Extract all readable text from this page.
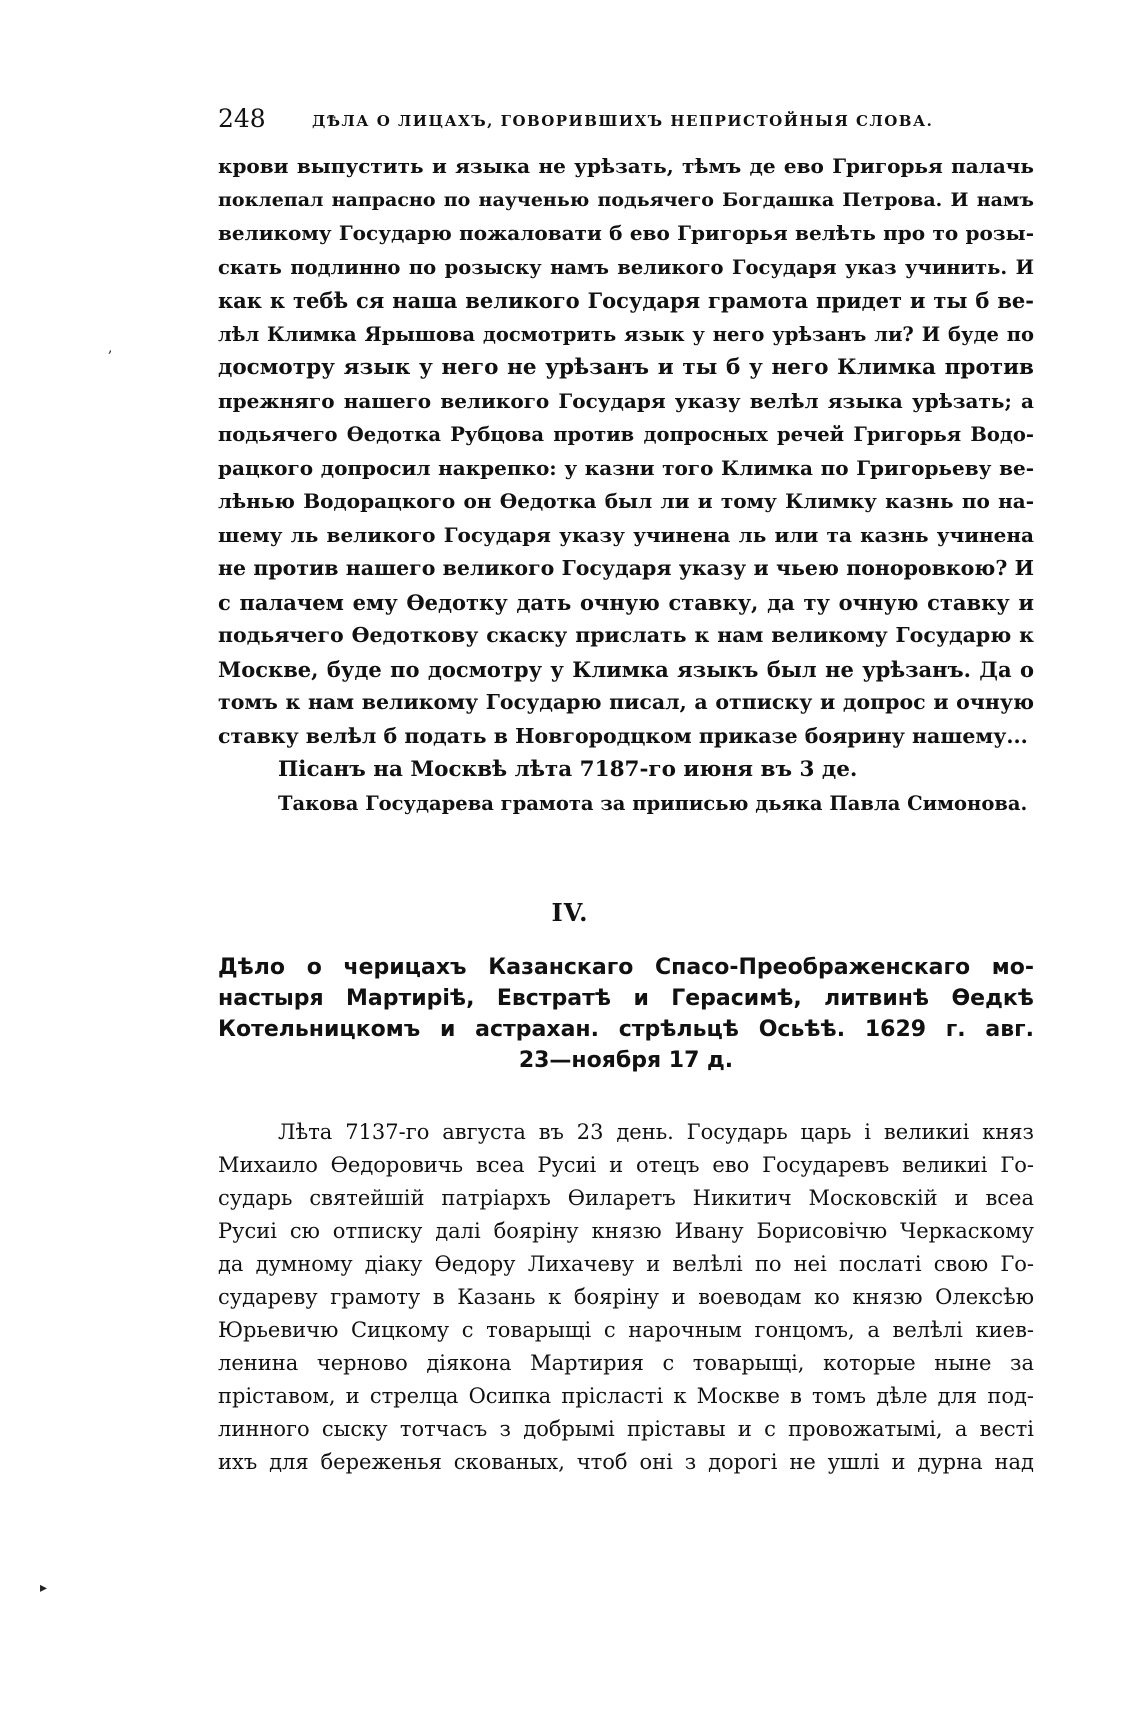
248	ДѢЛА О ЛИЦАХЪ, ГОВОРИВШИХЪ НЕПРИСТОЙНЫЯ СЛОВА.
крови выпустить и языка не урѣзать, тѣмъ де ево Григорья палачь
поклепал напрасно по наученью подьячего Богдашка Петрова. И намъ
великому Государю пожаловати б ево Григорья велѣть про то розы-
скать подлинно по розыску намъ великого Государя указ учинить. И
как к тебѣ ся наша великого Государя грамота придет и ты б ве-
лѣл Климка Ярышова досмотрить язык у него урѣзанъ ли? И буде по
досмотру язык у него не урѣзанъ и ты б у него Климка против
прежняго нашего великого Государя указу велѣл языка урѣзать; а
подьячего Ѳедотка Рубцова против допросных речей Григорья Водо-
рацкого допросил накрепко: у казни того Климка по Григорьеву ве-
лѣнью Водорацкого он Ѳедотка был ли и тому Климку казнь по на-
шему ль великого Государя указу учинена ль или та казнь учинена
не против нашего великого Государя указу и чьею поноровкою? И
с палачем ему Ѳедотку дать очную ставку, да ту очную ставку и
подьячего Ѳедоткову скаску прислать к нам великому Государю к
Москве, буде по досмотру у Климка языкъ был не урѣзанъ. Да о
томъ к нам великому Государю писал, а отписку и допрос и очную
ставку велѣл б подать в Новгородцком приказе боярину нашему...
Пісанъ на Москвѣ лѣта 7187-го июня въ 3 де.
Такова Государева грамота за приписью дьяка Павла Симонова.
IV.
Дѣло о черицахъ Казанскаго Спасо-Преображенскаго мо-
настыря Мартиріѣ, Евстратѣ и Герасимѣ, литвинѣ Ѳедкѣ
Котельницкомъ и астрахан. стрѣльцѣ Осьѣѣ. 1629 г. авг.
23—ноября 17 д.
Лѣта 7137-го августа въ 23 день. Государь царь і великиі княз
Михаило Ѳедоровичь всеа Русиі и отецъ ево Государевъ великиі Го-
сударь святейшій патріархъ Ѳиларетъ Никитич Московскій и всеа
Русиі сю отписку далі бояріну князю Ивану Борисовічю Черкаскому
да думному діаку Ѳедору Лихачеву и велѣлі по неі послаті свою Го-
судареву грамоту в Казань к бояріну и воеводам ко князю Олексѣю
Юрьевичю Сицкому с товарыщі с нарочным гонцомъ, а велѣлі киев-
ленина черново діякона Мартирия с товарыщі, которые ныне за
пріставом, и стрелца Осипка прісласті к Москве в томъ дѣле для под-
линного сыску тотчасъ з добрымі пріставы и с провожатымі, а весті
ихъ для береженья скованых, чтоб оні з дорогі не ушлі и дурна над
,
▸
